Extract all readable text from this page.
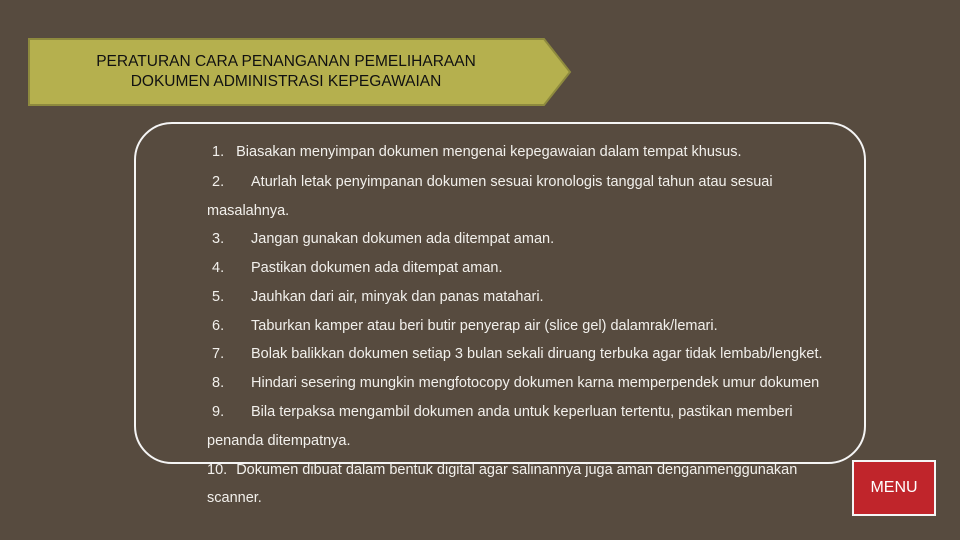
PERATURAN CARA PENANGANAN PEMELIHARAAN
DOKUMEN ADMINISTRASI KEPEGAWAIAN
1. Biasakan menyimpan dokumen mengenai kepegawaian dalam tempat khusus.
2. Aturlah letak penyimpanan dokumen sesuai kronologis tanggal tahun atau sesuai
masalahnya.
3. Jangan gunakan dokumen ada ditempat aman.
4. Pastikan dokumen ada ditempat aman.
5. Jauhkan dari air, minyak dan panas matahari.
6. Taburkan kamper atau beri butir penyerap air (slice gel) dalamrak/lemari.
7. Bolak balikkan dokumen setiap 3 bulan sekali diruang terbuka agar tidak lembab/lengket.
8. Hindari sesering mungkin mengfotocopy dokumen karna memperpendek umur dokumen
9. Bila terpaksa mengambil dokumen anda untuk keperluan tertentu, pastikan memberi
penanda ditempatnya.
10. Dokumen dibuat dalam bentuk digital agar salinannya juga aman denganmenggunakan
scanner.
MENU
